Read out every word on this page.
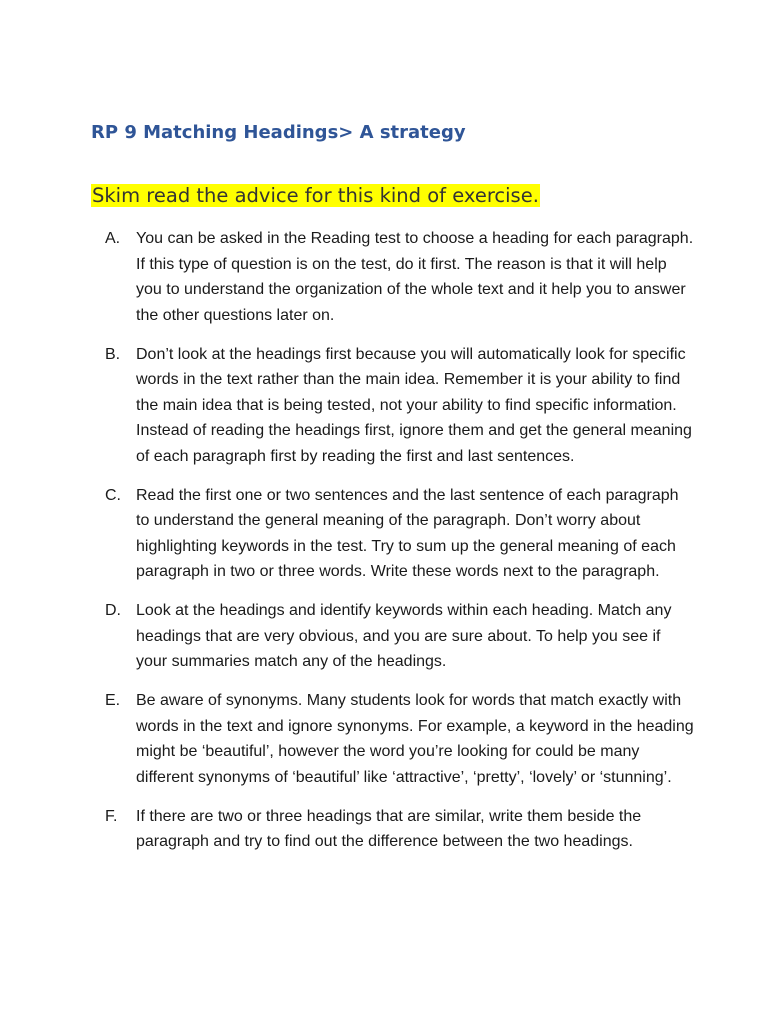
RP 9 Matching Headings> A strategy

Skim read the advice for this kind of exercise.

A. You can be asked in the Reading test to choose a heading for each paragraph. If this type of question is on the test, do it first. The reason is that it will help you to understand the organization of the whole text and it help you to answer the other questions later on.
B. Don’t look at the headings first because you will automatically look for specific words in the text rather than the main idea. Remember it is your ability to find the main idea that is being tested, not your ability to find specific information. Instead of reading the headings first, ignore them and get the general meaning of each paragraph first by reading the first and last sentences.
C. Read the first one or two sentences and the last sentence of each paragraph to understand the general meaning of the paragraph. Don’t worry about highlighting keywords in the test. Try to sum up the general meaning of each paragraph in two or three words. Write these words next to the paragraph.
D. Look at the headings and identify keywords within each heading. Match any headings that are very obvious, and you are sure about. To help you see if your summaries match any of the headings.
E. Be aware of synonyms. Many students look for words that match exactly with words in the text and ignore synonyms. For example, a keyword in the heading might be ‘beautiful’, however the word you’re looking for could be many different synonyms of ‘beautiful’ like ‘attractive’, ‘pretty’, ‘lovely’ or ‘stunning’.
F. If there are two or three headings that are similar, write them beside the paragraph and try to find out the difference between the two headings.
